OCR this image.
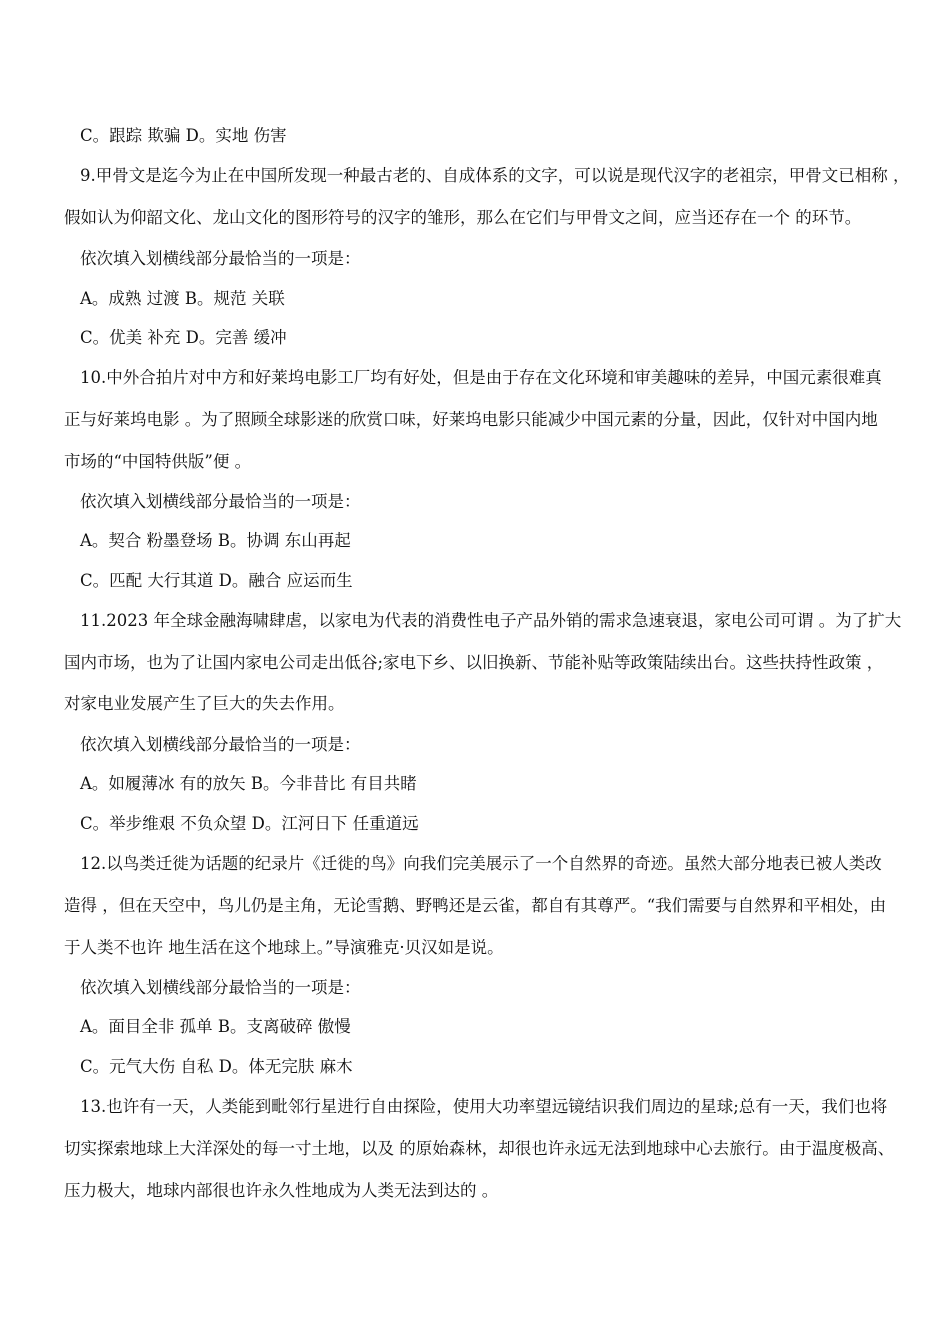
C。跟踪 欺骗 D。实地 伤害
9.甲骨文是迄今为止在中国所发现一种最古老的、自成体系的文字，可以说是现代汉字的老祖宗，甲骨文已相称 ，
假如认为仰韶文化、龙山文化的图形符号的汉字的雏形，那么在它们与甲骨文之间，应当还存在一个 的环节。
依次填入划横线部分最恰当的一项是：
A。成熟 过渡 B。规范 关联
C。优美 补充 D。完善 缓冲
10.中外合拍片对中方和好莱坞电影工厂均有好处，但是由于存在文化环境和审美趣味的差异，中国元素很难真
正与好莱坞电影 。为了照顾全球影迷的欣赏口味，好莱坞电影只能减少中国元素的分量，因此，仅针对中国内地
市场的“中国特供版”便 。
依次填入划横线部分最恰当的一项是：
A。契合 粉墨登场 B。协调 东山再起
C。匹配 大行其道 D。融合 应运而生
11.2023 年全球金融海啸肆虐，以家电为代表的消费性电子产品外销的需求急速衰退，家电公司可谓 。为了扩大
国内市场，也为了让国内家电公司走出低谷;家电下乡、以旧换新、节能补贴等政策陆续出台。这些扶持性政策 ，
对家电业发展产生了巨大的失去作用。
依次填入划横线部分最恰当的一项是：
A。如履薄冰 有的放矢 B。今非昔比 有目共睹
C。举步维艰 不负众望 D。江河日下 任重道远
12.以鸟类迁徙为话题的纪录片《迁徙的鸟》向我们完美展示了一个自然界的奇迹。虽然大部分地表已被人类改
造得 ，但在天空中，鸟儿仍是主角，无论雪鹅、野鸭还是云雀，都自有其尊严。“我们需要与自然界和平相处，由
于人类不也许 地生活在这个地球上。”导演雅克·贝汉如是说。
依次填入划横线部分最恰当的一项是：
A。面目全非 孤单 B。支离破碎 傲慢
C。元气大伤 自私 D。体无完肤 麻木
13.也许有一天，人类能到毗邻行星进行自由探险，使用大功率望远镜结识我们周边的星球;总有一天，我们也将
切实探索地球上大洋深处的每一寸土地，以及 的原始森林，却很也许永远无法到地球中心去旅行。由于温度极高、
压力极大，地球内部很也许永久性地成为人类无法到达的 。
